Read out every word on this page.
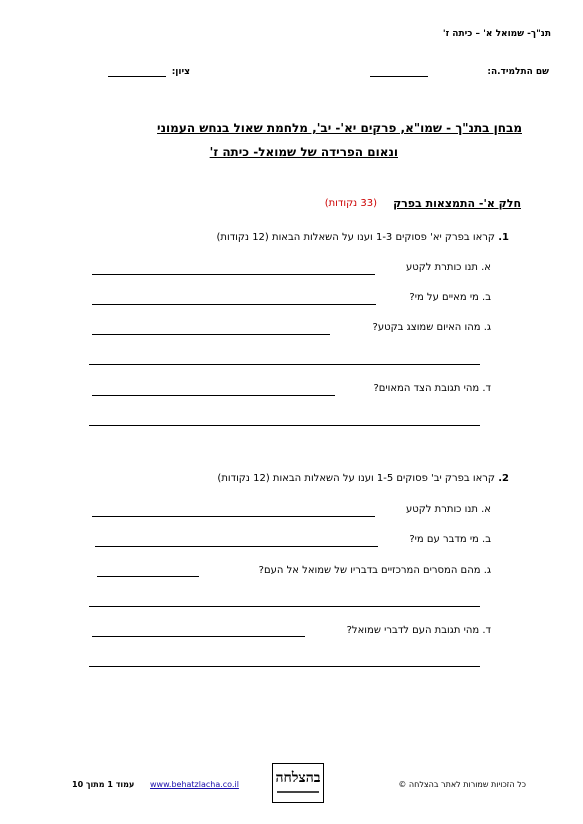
תנ"ך- שמואל א' – כיתה ז'
שם התלמיד.ה:
ציון:
מבחן בתנ"ך - שמו"א, פרקים יא'- יב', מלחמת שאול בנחש העמוני
ונאום הפרידה של שמואל- כיתה ז'
חלק א'- התמצאות בפרק
(33 נקודות)
1. קראו בפרק יא' פסוקים 1-3 וענו על השאלות הבאות (12 נקודות)
א. תנו כותרת לקטע
ב. מי מאיים על מי?
ג. מהו האיום שמוצג בקטע?
ד. מהי תגובת הצד המאוים?
2. קראו בפרק יב' פסוקים 1-5 וענו על השאלות הבאות (12 נקודות)
א. תנו כותרת לקטע
ב. מי מדבר עם מי?
ג. מהם המסרים המרכזיים בדבריו של שמואל אל העם?
ד. מהי תגובת העם לדברי שמואל?
כל הזכויות שמורות לאתר בהצלחה ©
בהצלחה
www.behatzlacha.co.il
עמוד 1 מתוך 10
